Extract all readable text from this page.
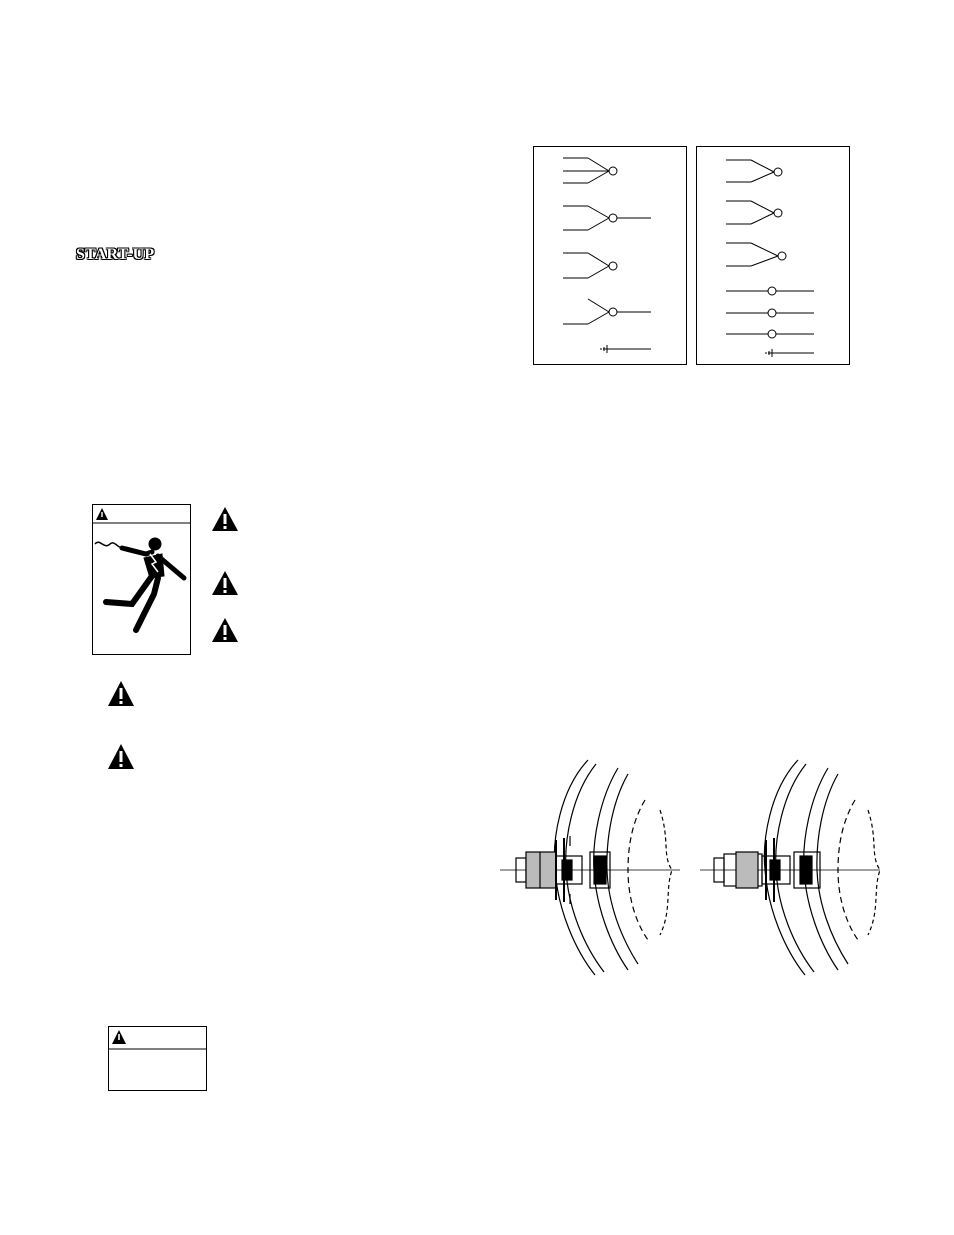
START-UP
